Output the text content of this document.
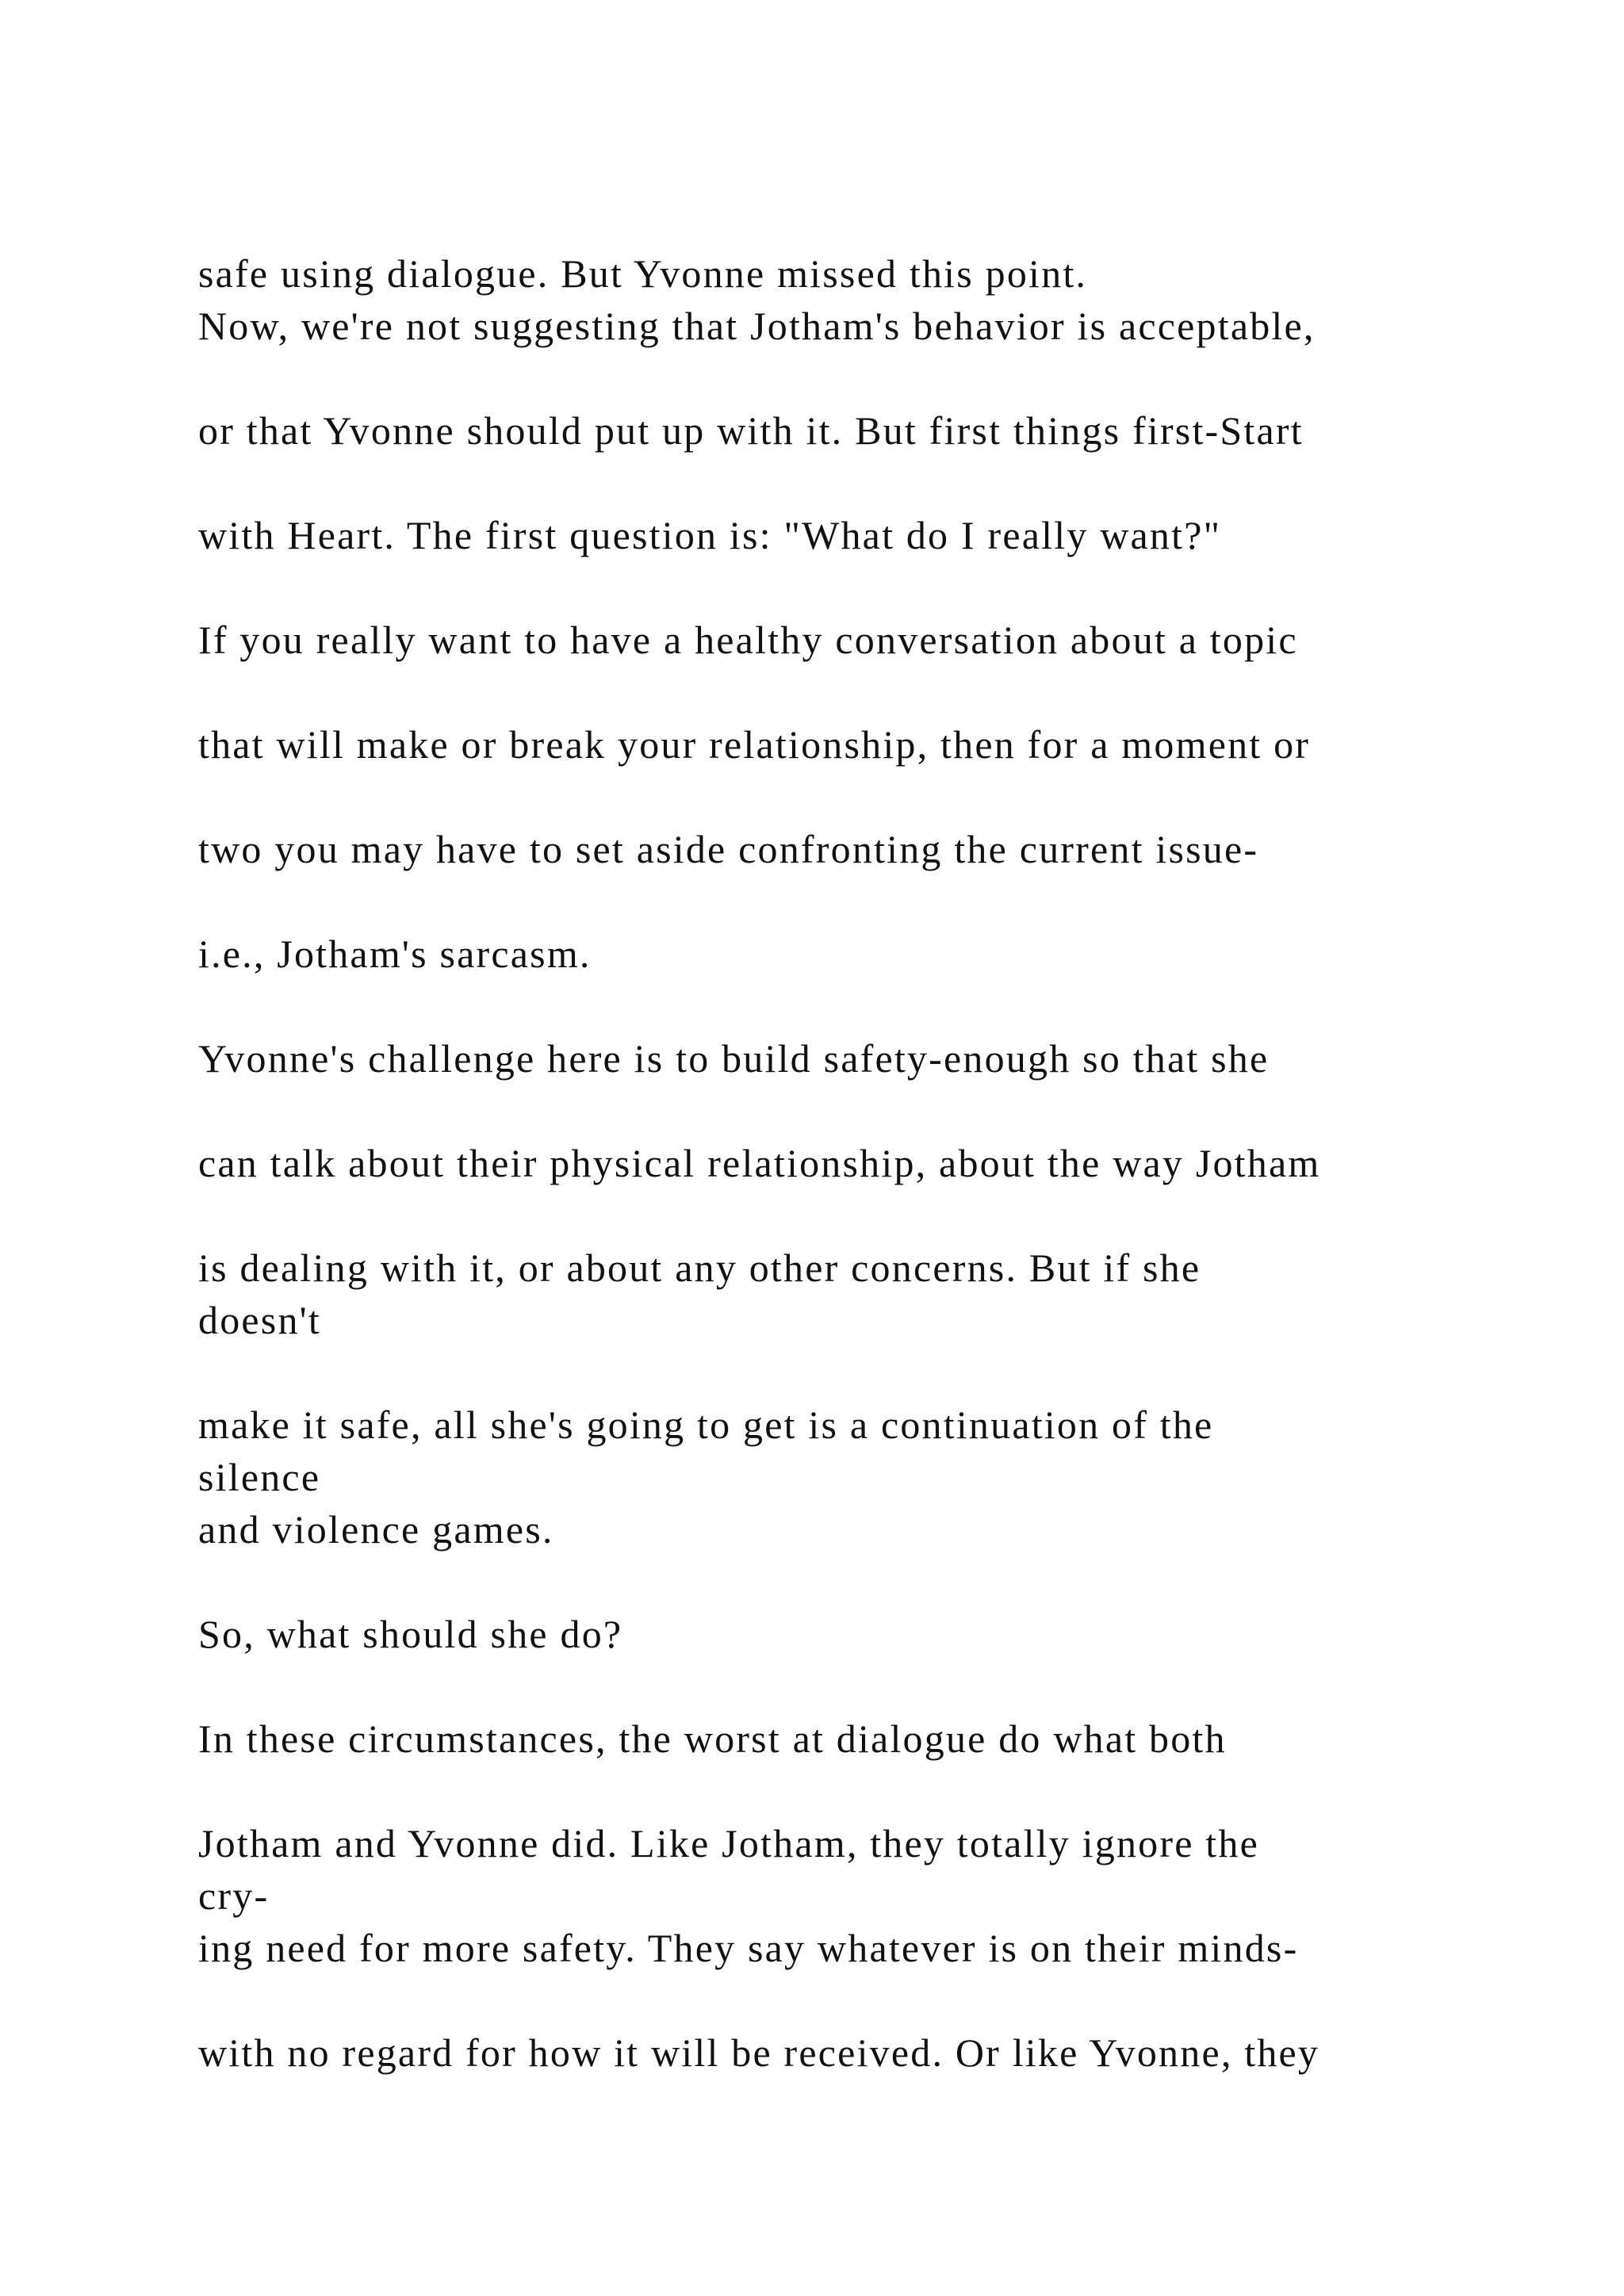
safe using dialogue. But Yvonne missed this point.
Now, we're not suggesting that Jotham's behavior is acceptable,
or that Yvonne should put up with it. But first things first-Start
with Heart. The first question is: "What do I really want?"
If you really want to have a healthy conversation about a topic
that will make or break your relationship, then for a moment or
two you may have to set aside confronting the current issue-
i.e., Jotham's sarcasm.
Yvonne's challenge here is to build safety-enough so that she
can talk about their physical relationship, about the way Jotham
is dealing with it, or about any other concerns. But if she
doesn't
make it safe, all she's going to get is a continuation of the
silence
and violence games.
So, what should she do?
In these circumstances, the worst at dialogue do what both
Jotham and Yvonne did. Like Jotham, they totally ignore the
cry-
ing need for more safety. They say whatever is on their minds-
with no regard for how it will be received. Or like Yvonne, they
